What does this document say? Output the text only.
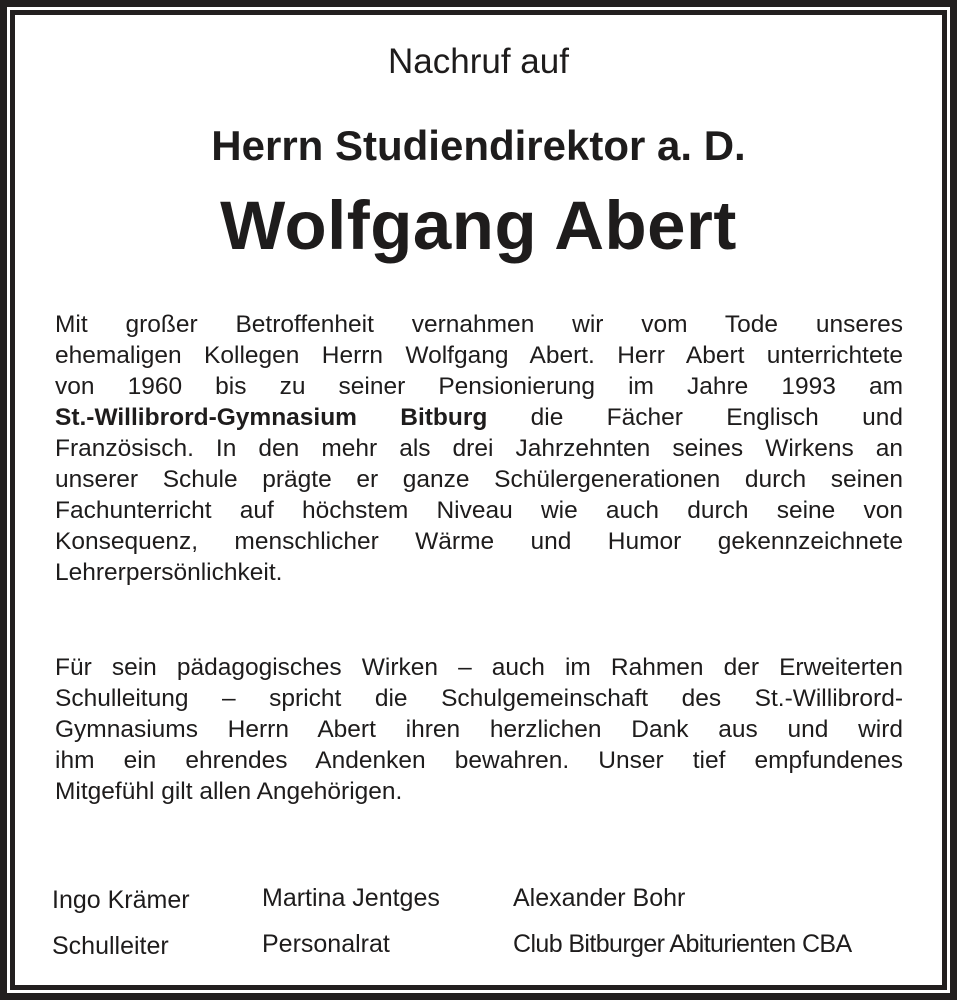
Nachruf auf
Herrn Studiendirektor a. D.
Wolfgang Abert
Mit großer Betroffenheit vernahmen wir vom Tode unseres
ehemaligen Kollegen Herrn Wolfgang Abert. Herr Abert unterrichtete
von 1960 bis zu seiner Pensionierung im Jahre 1993 am
St.-Willibrord-Gymnasium Bitburg die Fächer Englisch und
Französisch. In den mehr als drei Jahrzehnten seines Wirkens an
unserer Schule prägte er ganze Schülergenerationen durch seinen
Fachunterricht auf höchstem Niveau wie auch durch seine von
Konsequenz, menschlicher Wärme und Humor gekennzeichnete
Lehrerpersönlichkeit.
Für sein pädagogisches Wirken – auch im Rahmen der Erweiterten
Schulleitung – spricht die Schulgemeinschaft des St.-Willibrord-
Gymnasiums Herrn Abert ihren herzlichen Dank aus und wird
ihm ein ehrendes Andenken bewahren. Unser tief empfundenes
Mitgefühl gilt allen Angehörigen.
Ingo Krämer
Schulleiter
Martina Jentges
Personalrat
Alexander Bohr
Club Bitburger Abiturienten CBA
